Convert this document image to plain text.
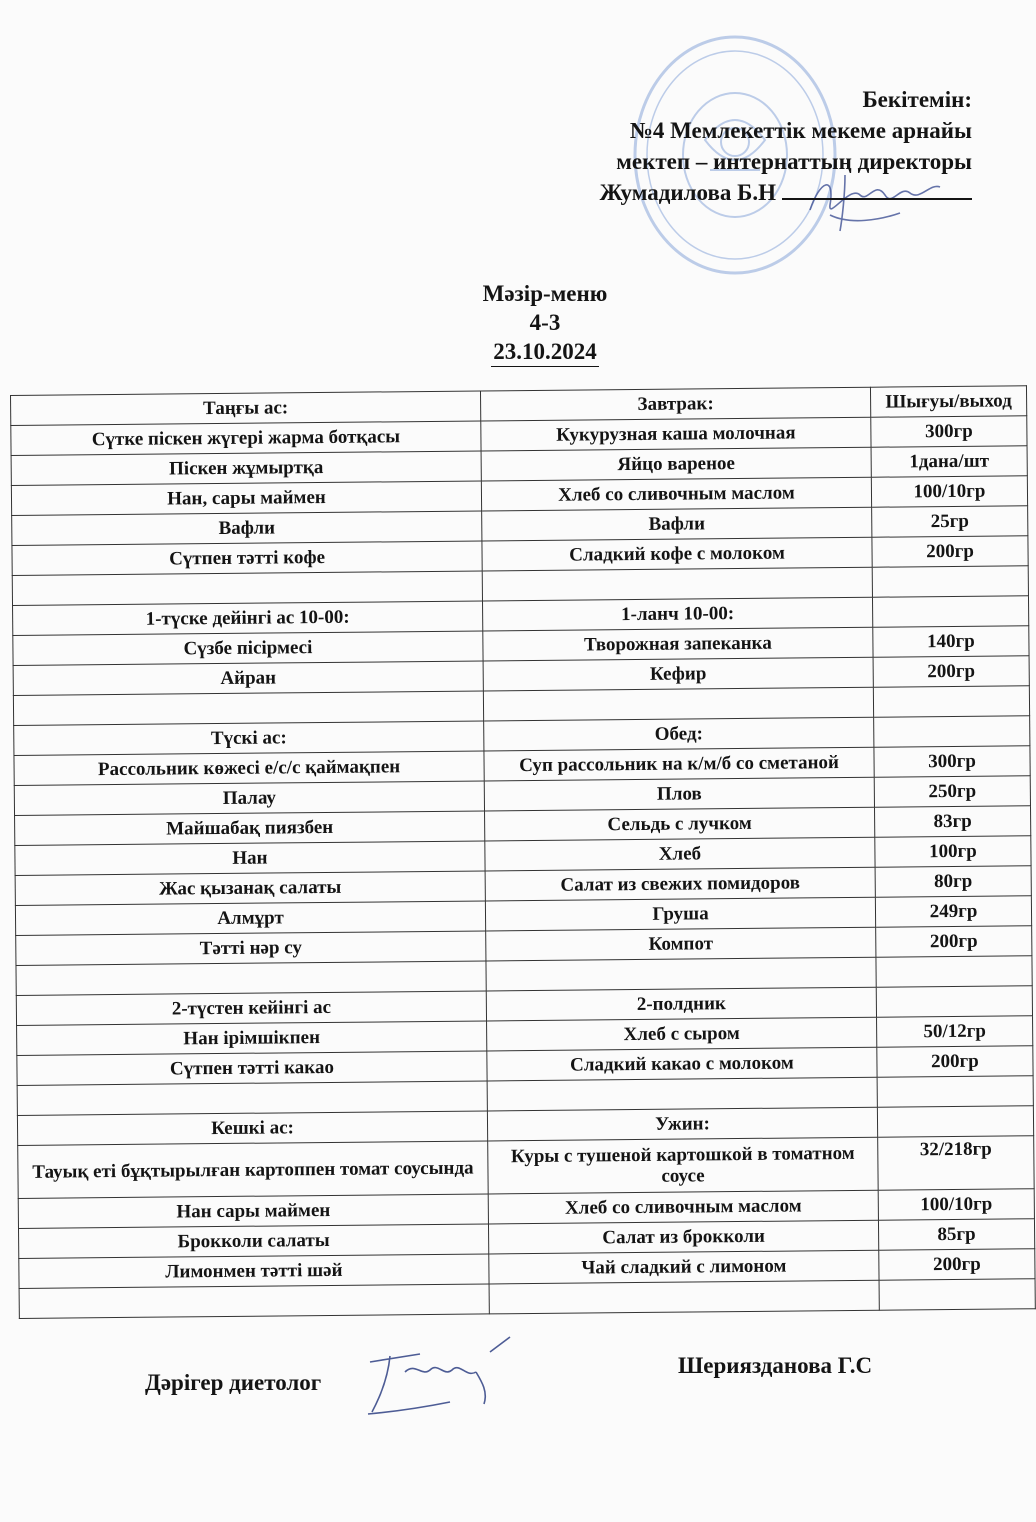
Бекітемін:
№4 Мемлекеттік мекеме арнайы
мектеп – интернаттың директоры
Жумадилова Б.Н
Мәзір-меню
4-3
23.10.2024
Таңғы ас:	Завтрак:	Шығуы/выход
Сүтке піскен жүгері жарма ботқасы	Кукурузная каша молочная	300гр
Піскен жұмыртқа	Яйцо вареное	1дана/шт
Нан, сары маймен	Хлеб со сливочным маслом	100/10гр
Вафли	Вафли	25гр
Сүтпен тәтті кофе	Сладкий кофе с молоком	200гр

1-түске дейінгі ас 10-00:	1-ланч 10-00:	
Сүзбе пісірмесі	Творожная запеканка	140гр
Айран	Кефир	200гр

Түскі ас:	Обед:	
Рассольник көжесі е/с/с қаймақпен	Суп рассольник на к/м/б со сметаной	300гр
Палау	Плов	250гр
Майшабақ пиязбен	Сельдь с лучком	83гр
Нан	Хлеб	100гр
Жас қызанақ салаты	Салат из свежих помидоров	80гр
Алмұрт	Груша	249гр
Тәтті нәр су	Компот	200гр

2-түстен кейінгі ас	2-полдник	
Нан ірімшікпен	Хлеб с сыром	50/12гр
Сүтпен тәтті какао	Сладкий какао с молоком	200гр

Кешкі ас:	Ужин:	
Тауық еті бұқтырылған картоппен томат соусында	Куры с тушеной картошкой в томатном соусе	32/218гр
Нан сары маймен	Хлеб со сливочным маслом	100/10гр
Брокколи салаты	Салат из брокколи	85гр
Лимонмен тәтті шәй	Чай сладкий с лимоном	200гр

Дәрігер диетолог
Шериязданова Г.С
